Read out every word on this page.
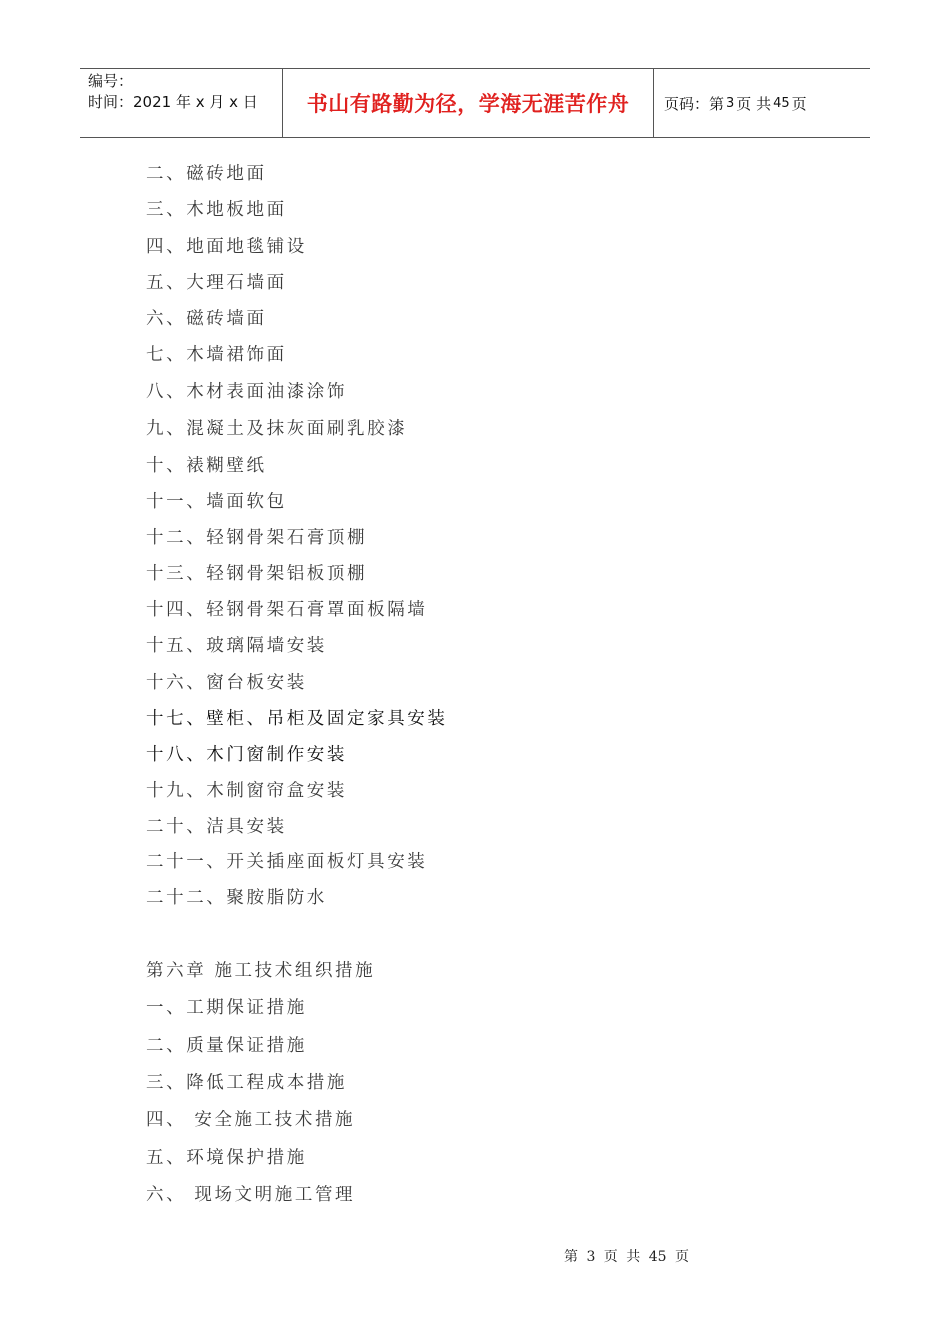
编号：
时间：2021 年 x 月 x 日	书山有路勤为径，学海无涯苦作舟	页码：第 3 页 共 45 页
二、磁砖地面
三、木地板地面
四、地面地毯铺设
五、大理石墙面
六、磁砖墙面
七、木墙裙饰面
八、木材表面油漆涂饰
九、混凝土及抹灰面刷乳胶漆
十、裱糊壁纸
十一、墙面软包
十二、轻钢骨架石膏顶棚
十三、轻钢骨架铝板顶棚
十四、轻钢骨架石膏罩面板隔墙
十五、玻璃隔墙安装
十六、窗台板安装
十七、壁柜、吊柜及固定家具安装
十八、木门窗制作安装
十九、木制窗帘盒安装
二十、洁具安装
二十一、开关插座面板灯具安装
二十二、聚胺脂防水
第六章 施工技术组织措施
一、工期保证措施
二、质量保证措施
三、降低工程成本措施
四、 安全施工技术措施
五、环境保护措施
六、 现场文明施工管理
第 3 页 共 45 页
